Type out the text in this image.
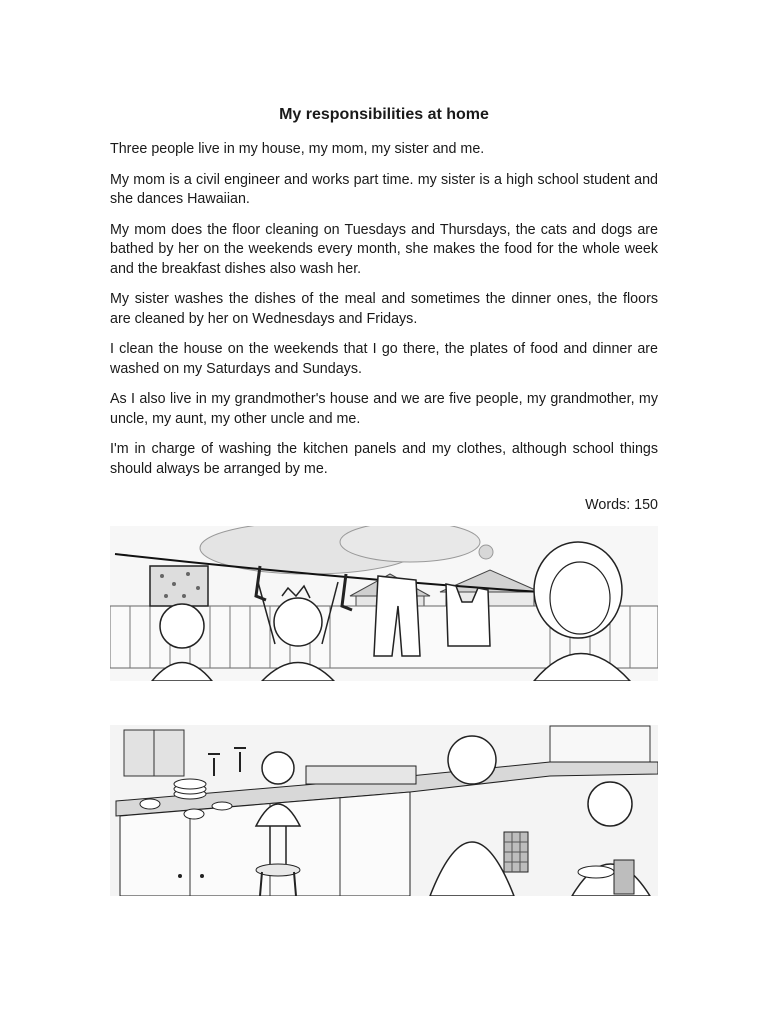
My responsibilities at home

Three people live in my house, my mom, my sister and me.

My mom is a civil engineer and works part time. my sister is a high school student and she dances Hawaiian.

My mom does the floor cleaning on Tuesdays and Thursdays, the cats and dogs are bathed by her on the weekends every month, she makes the food for the whole week and the breakfast dishes also wash her.

My sister washes the dishes of the meal and sometimes the dinner ones, the floors are cleaned by her on Wednesdays and Fridays.

I clean the house on the weekends that I go there, the plates of food and dinner are washed on my Saturdays and Sundays.

As I also live in my grandmother's house and we are five people, my grandmother, my uncle, my aunt, my other uncle and me.

I'm in charge of washing the kitchen panels and my clothes, although school things should always be arranged by me.

Words: 150
